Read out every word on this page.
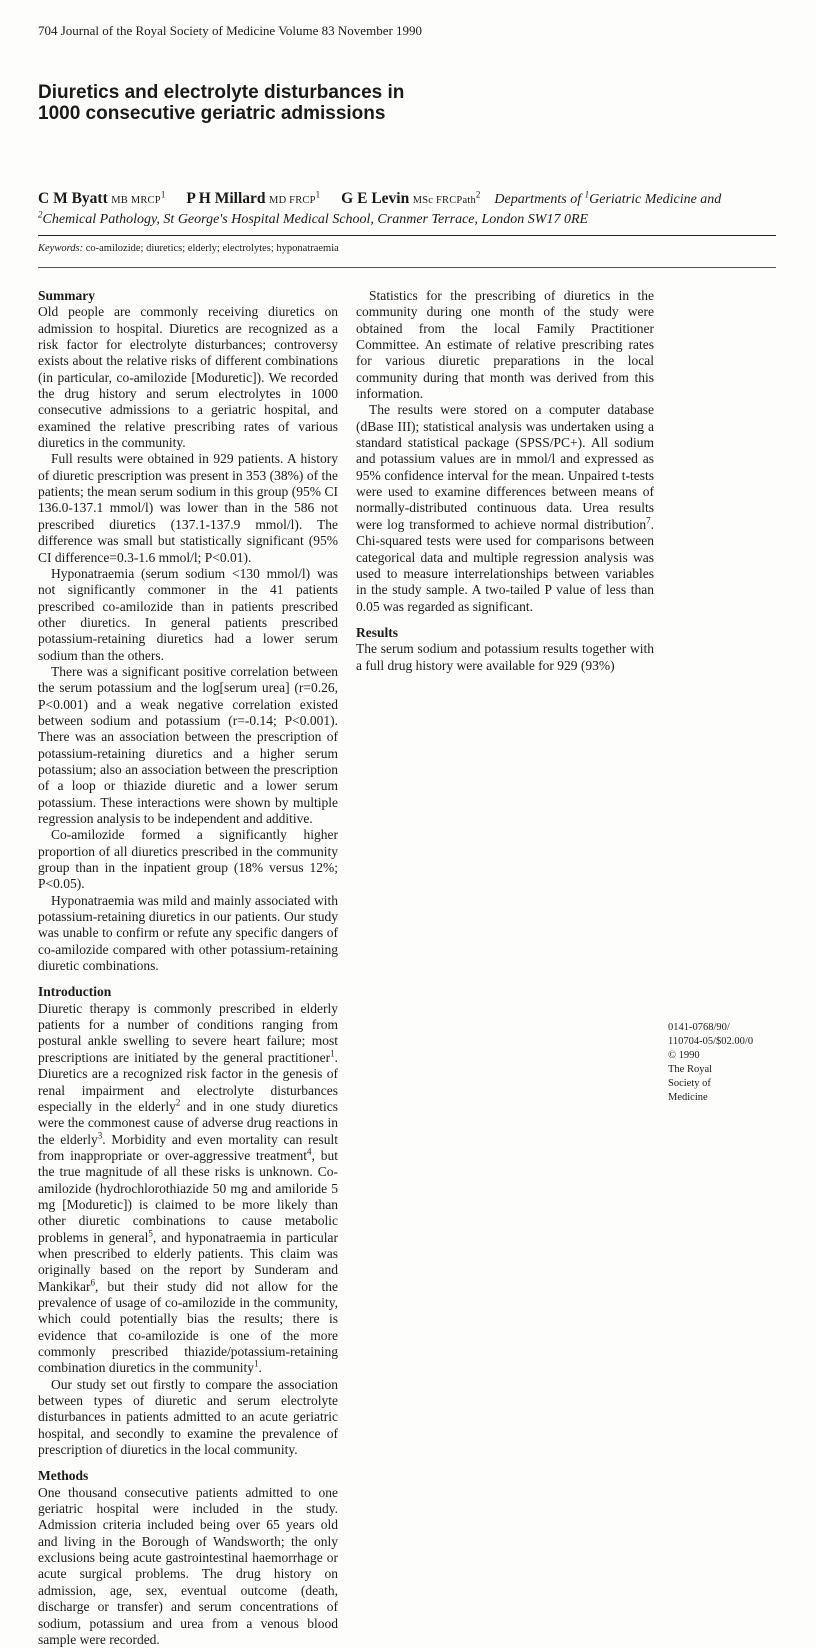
704 Journal of the Royal Society of Medicine Volume 83 November 1990
Diuretics and electrolyte disturbances in
1000 consecutive geriatric admissions
C M Byatt MB MRCP$^1$ P H Millard MD FRCP$^1$ G E Levin MSc FRCPath$^2$ Departments of $^1$Geriatric Medicine and $^2$Chemical Pathology, St George's Hospital Medical School, Cranmer Terrace, London SW17 0RE
Keywords: co-amilozide; diuretics; elderly; electrolytes; hyponatraemia
Summary

Old people are commonly receiving diuretics on admission to hospital. Diuretics are recognized as a risk factor for electrolyte disturbances; controversy exists about the relative risks of different combinations (in particular, co-amilozide [Moduretic]). We recorded the drug history and serum electrolytes in 1000 consecutive admissions to a geriatric hospital, and examined the relative prescribing rates of various diuretics in the community.

Full results were obtained in 929 patients. A history of diuretic prescription was present in 353 (38%) of the patients; the mean serum sodium in this group (95% CI 136.0-137.1 mmol/l) was lower than in the 586 not prescribed diuretics (137.1-137.9 mmol/l). The difference was small but statistically significant (95% CI difference=0.3-1.6 mmol/l; P<0.01).

Hyponatraemia (serum sodium <130 mmol/l) was not significantly commoner in the 41 patients prescribed co-amilozide than in patients prescribed other diuretics. In general patients prescribed potassium-retaining diuretics had a lower serum sodium than the others.

There was a significant positive correlation between the serum potassium and the log[serum urea] (r=0.26, P<0.001) and a weak negative correlation existed between sodium and potassium (r=-0.14; P<0.001). There was an association between the prescription of potassium-retaining diuretics and a higher serum potassium; also an association between the prescription of a loop or thiazide diuretic and a lower serum potassium. These interactions were shown by multiple regression analysis to be independent and additive.

Co-amilozide formed a significantly higher proportion of all diuretics prescribed in the community group than in the inpatient group (18% versus 12%; P<0.05).

Hyponatraemia was mild and mainly associated with potassium-retaining diuretics in our patients. Our study was unable to confirm or refute any specific dangers of co-amilozide compared with other potassium-retaining diuretic combinations.

Introduction

Diuretic therapy is commonly prescribed in elderly patients for a number of conditions ranging from postural ankle swelling to severe heart failure; most prescriptions are initiated by the general practitioner$^1$. Diuretics are a recognized risk factor in the genesis of renal impairment and electrolyte disturbances especially in the elderly$^2$ and in one study diuretics were the commonest cause of adverse drug reactions in the elderly$^3$. Morbidity and even mortality can result from inappropriate or over-aggressive treatment$^4$, but the true magnitude of all these risks is unknown. Co-amilozide (hydrochlorothiazide 50 mg and amiloride 5 mg [Moduretic]) is claimed to be more likely than other diuretic combinations to cause metabolic problems in general$^5$, and hyponatraemia in particular when prescribed to elderly patients. This claim was originally based on the report by Sunderam and Mankikar$^6$, but their study did not allow for the prevalence of usage of co-amilozide in the community, which could potentially bias the results; there is evidence that co-amilozide is one of the more commonly prescribed thiazide/potassium-retaining combination diuretics in the community$^1$.

Our study set out firstly to compare the association between types of diuretic and serum electrolyte disturbances in patients admitted to an acute geriatric hospital, and secondly to examine the prevalence of prescription of diuretics in the local community.

Methods

One thousand consecutive patients admitted to one geriatric hospital were included in the study. Admission criteria included being over 65 years old and living in the Borough of Wandsworth; the only exclusions being acute gastrointestinal haemorrhage or acute surgical problems. The drug history on admission, age, sex, eventual outcome (death, discharge or transfer) and serum concentrations of sodium, potassium and urea from a venous blood sample were recorded.

Statistics for the prescribing of diuretics in the community during one month of the study were obtained from the local Family Practitioner Committee. An estimate of relative prescribing rates for various diuretic preparations in the local community during that month was derived from this information.

The results were stored on a computer database (dBase III); statistical analysis was undertaken using a standard statistical package (SPSS/PC+). All sodium and potassium values are in mmol/l and expressed as 95% confidence interval for the mean. Unpaired t-tests were used to examine differences between means of normally-distributed continuous data. Urea results were log transformed to achieve normal distribution$^7$. Chi-squared tests were used for comparisons between categorical data and multiple regression analysis was used to measure interrelationships between variables in the study sample. A two-tailed P value of less than 0.05 was regarded as significant.

Results

The serum sodium and potassium results together with a full drug history were available for 929 (93%)

0141-0768/90/
110704-05/$02.00/0
© 1990
The Royal
Society of
Medicine
